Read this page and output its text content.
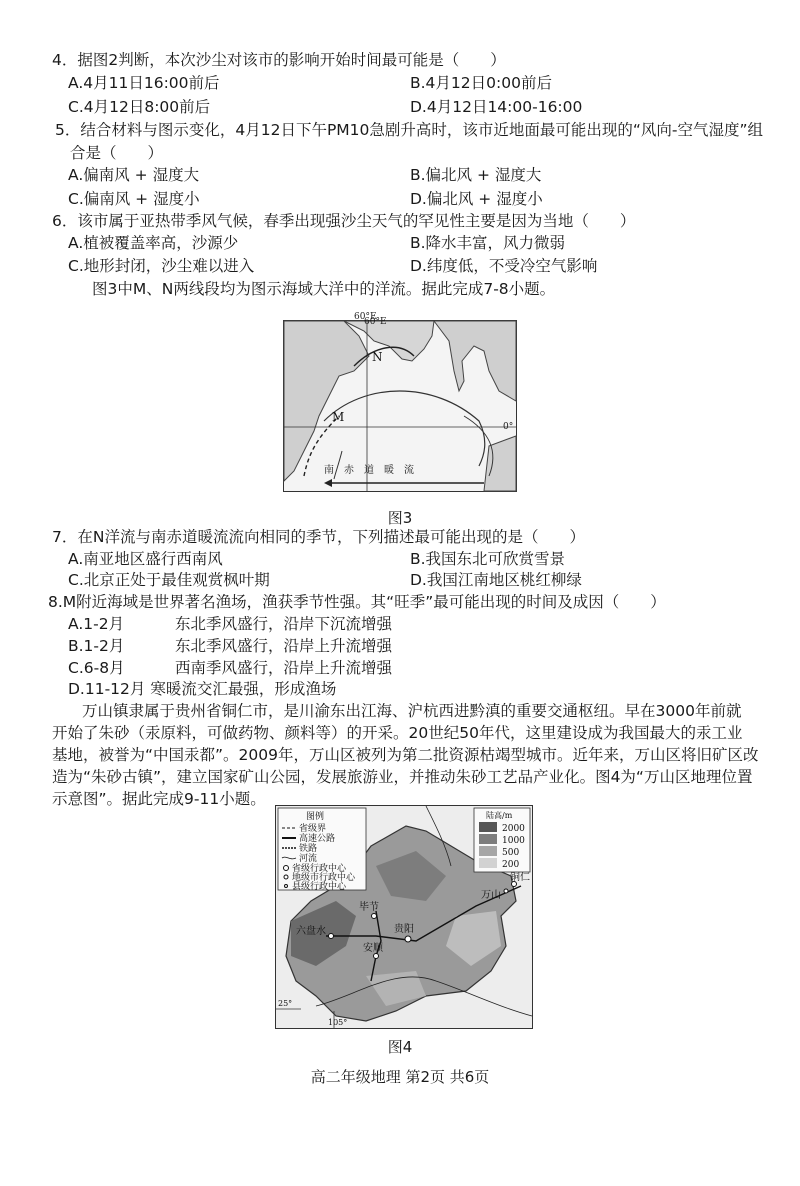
4．据图2判断，本次沙尘对该市的影响开始时间最可能是（　　）
A.4月11日16:00前后	B.4月12日0:00前后
C.4月12日8:00前后	D.4月12日14:00-16:00
5．结合材料与图示变化，4月12日下午PM10急剧升高时，该市近地面最可能出现的“风向-空气湿度”组
合是（　　）
A.偏南风 + 湿度大	B.偏北风 + 湿度大
C.偏南风 + 湿度小	D.偏北风 + 湿度小
6．该市属于亚热带季风气候，春季出现强沙尘天气的罕见性主要是因为当地（　　）
A.植被覆盖率高，沙源少	B.降水丰富，风力微弱
C.地形封闭，沙尘难以进入	D.纬度低，不受冷空气影响
图3中M、N两线段均为图示海域大洋中的洋流。据此完成7-8小题。
60°E
N
M
0°
南　赤　道　暖　流
60°E
图3
7．在N洋流与南赤道暖流流向相同的季节，下列描述最可能出现的是（　　）
A.南亚地区盛行西南风	B.我国东北可欣赏雪景
C.北京正处于最佳观赏枫叶期	D.我国江南地区桃红柳绿
8.M附近海域是世界著名渔场，渔获季节性强。其“旺季”最可能出现的时间及成因（　　）
A.1-2月	东北季风盛行，沿岸下沉流增强
B.1-2月	东北季风盛行，沿岸上升流增强
C.6-8月	西南季风盛行，沿岸上升流增强
D.11-12月 寒暖流交汇最强，形成渔场
万山镇隶属于贵州省铜仁市，是川渝东出江海、沪杭西进黔滇的重要交通枢纽。早在3000年前就
开始了朱砂（汞原料，可做药物、颜料等）的开采。20世纪50年代，这里建设成为我国最大的汞工业
基地，被誉为“中国汞都”。2009年，万山区被列为第二批资源枯竭型城市。近年来，万山区将旧矿区改
造为“朱砂古镇”，建立国家矿山公园，发展旅游业，并推动朱砂工艺品产业化。图4为“万山区地理位置
示意图”。据此完成9-11小题。
毕节
六盘水	贵阳
安顺
万山
铜仁
25°
105°
图例
省级界
高速公路
铁路
河流
省级行政中心
地级市行政中心
县级行政中心
陆高/m
2000
1000
500
200
图4
高二年级地理 第2页 共6页
